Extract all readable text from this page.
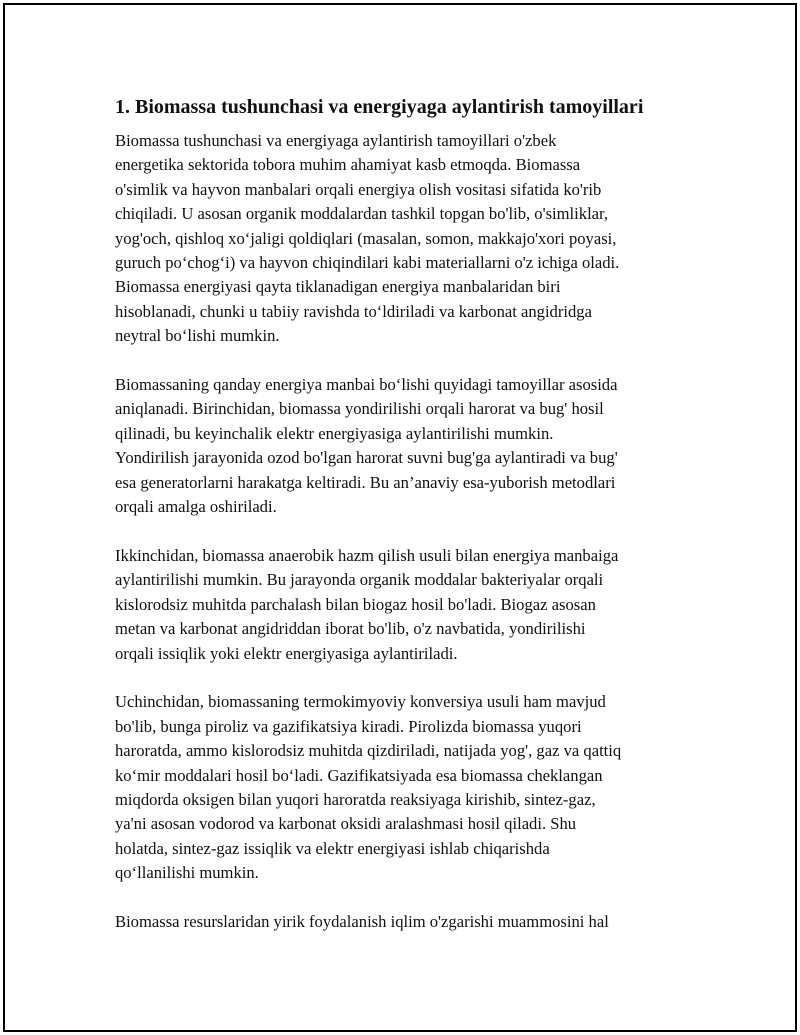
1. Biomassa tushunchasi va energiyaga aylantirish tamoyillari

Biomassa tushunchasi va energiyaga aylantirish tamoyillari o'zbek
energetika sektorida tobora muhim ahamiyat kasb etmoqda. Biomassa
o'simlik va hayvon manbalari orqali energiya olish vositasi sifatida ko'rib
chiqiladi. U asosan organik moddalardan tashkil topgan bo'lib, o'simliklar,
yog'och, qishloq xo‘jaligi qoldiqlari (masalan, somon, makkajo'xori poyasi,
guruch po‘chog‘i) va hayvon chiqindilari kabi materiallarni o'z ichiga oladi.
Biomassa energiyasi qayta tiklanadigan energiya manbalaridan biri
hisoblanadi, chunki u tabiiy ravishda to‘ldiriladi va karbonat angidridga
neytral bo‘lishi mumkin.

Biomassaning qanday energiya manbai bo‘lishi quyidagi tamoyillar asosida
aniqlanadi. Birinchidan, biomassa yondirilishi orqali harorat va bug' hosil
qilinadi, bu keyinchalik elektr energiyasiga aylantirilishi mumkin.
Yondirilish jarayonida ozod bo'lgan harorat suvni bug'ga aylantiradi va bug'
esa generatorlarni harakatga keltiradi. Bu an’anaviy esa-yuborish metodlari
orqali amalga oshiriladi.

Ikkinchidan, biomassa anaerobik hazm qilish usuli bilan energiya manbaiga
aylantirilishi mumkin. Bu jarayonda organik moddalar bakteriyalar orqali
kislorodsiz muhitda parchalash bilan biogaz hosil bo'ladi. Biogaz asosan
metan va karbonat angidriddan iborat bo'lib, o'z navbatida, yondirilishi
orqali issiqlik yoki elektr energiyasiga aylantiriladi.

Uchinchidan, biomassaning termokimyoviy konversiya usuli ham mavjud
bo'lib, bunga piroliz va gazifikatsiya kiradi. Pirolizda biomassa yuqori
haroratda, ammo kislorodsiz muhitda qizdiriladi, natijada yog', gaz va qattiq
ko‘mir moddalari hosil bo‘ladi. Gazifikatsiyada esa biomassa cheklangan
miqdorda oksigen bilan yuqori haroratda reaksiyaga kirishib, sintez-gaz,
ya'ni asosan vodorod va karbonat oksidi aralashmasi hosil qiladi. Shu
holatda, sintez-gaz issiqlik va elektr energiyasi ishlab chiqarishda
qo‘llanilishi mumkin.

Biomassa resurslaridan yirik foydalanish iqlim o'zgarishi muammosini hal
